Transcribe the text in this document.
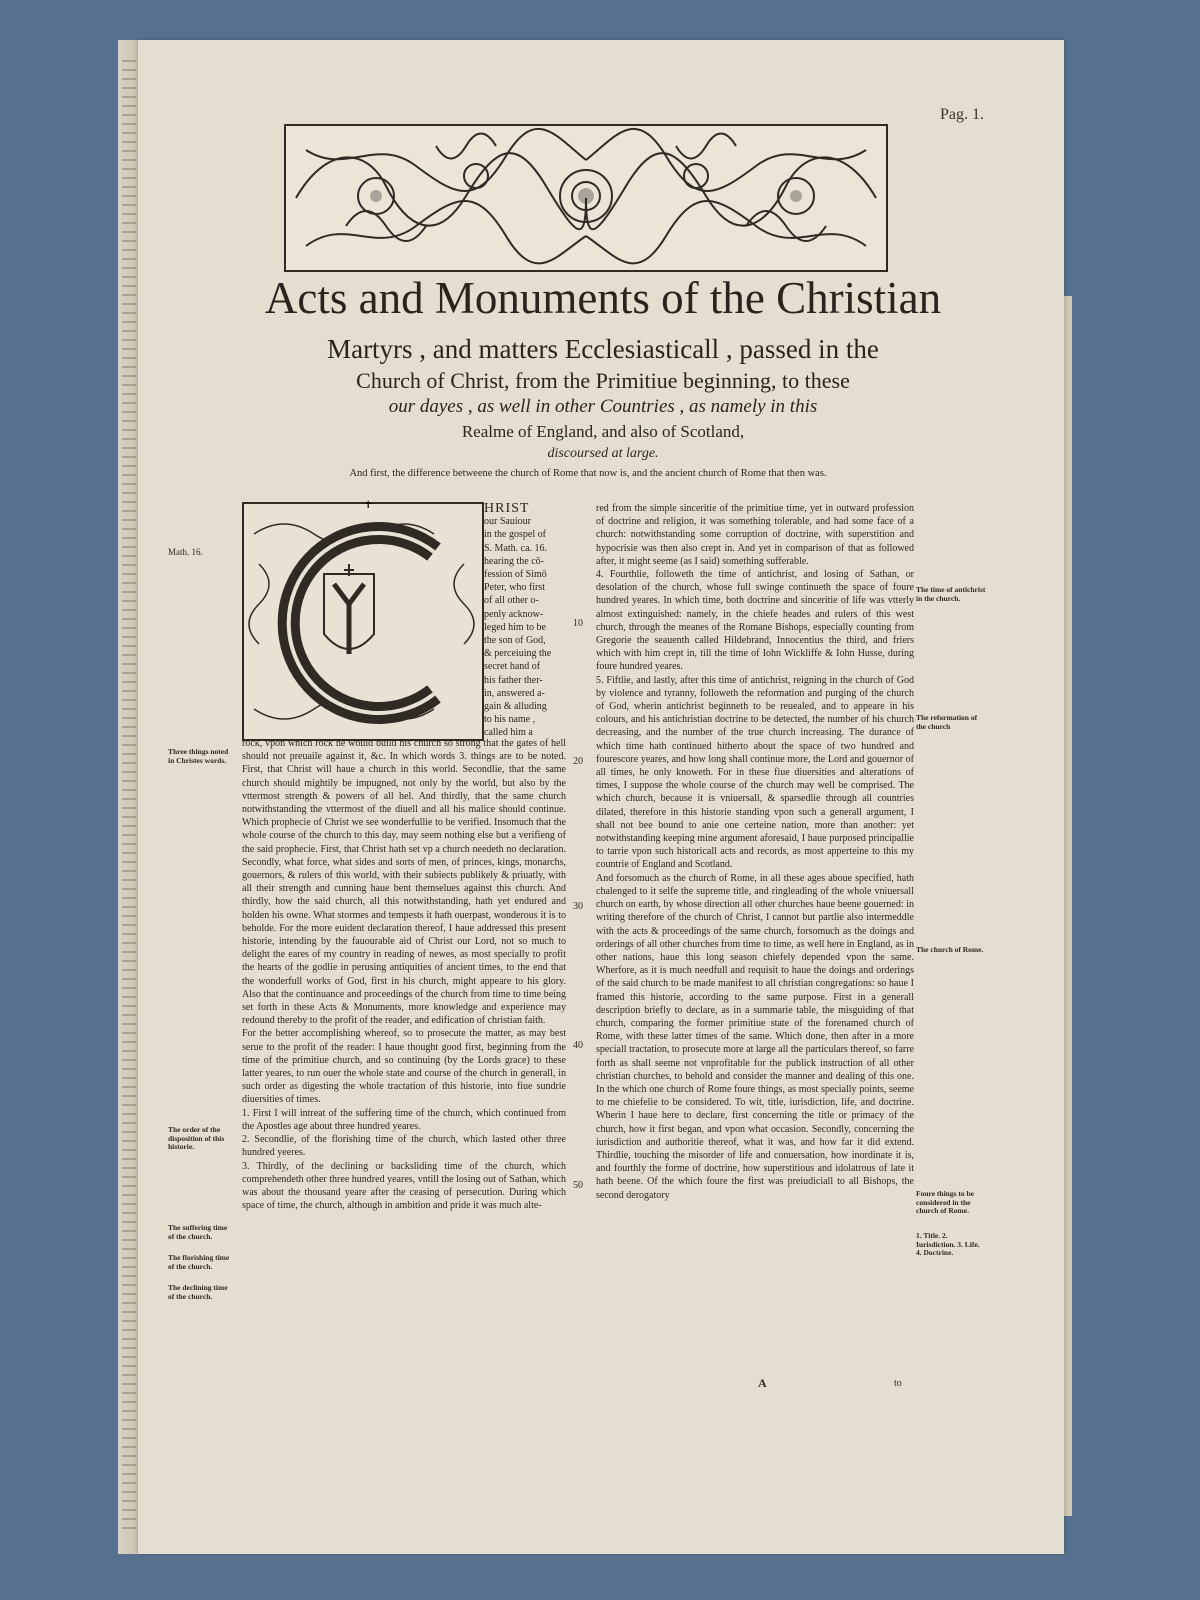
Pag. 1.
Acts and Monuments of the Christian
Martyrs , and matters Ecclesiasticall , passed in the
Church of Christ, from the Primitiue beginning, to these
our dayes , as well in other Countries , as namely in this
Realme of England, and also of Scotland,
discoursed at large.
And first, the difference betweene the church of Rome that now is, and the ancient church of Rome that then was.
✝	HRIST
our Sauiour
in the gospel of
S. Math. ca. 16.
hearing the cō-
fession of Simō
Peter, who first
of all other o-
penly acknow-
leged him to be
the son of God,
& perceiuing the
secret hand of
his father ther-
in, answered a-
gain & alluding
to his name ,
called him a

rock, vpon which rock he would build his church so strong that the gates of hell should not preuaile against it, &c. In which words 3. things are to be noted. First, that Christ will haue a church in this world. Secondlie, that the same church should mightily be impugned, not only by the world, but also by the vttermost strength & powers of all hel. And thirdly, that the same church notwithstanding the vttermost of the diuell and all his malice should continue. Which prophecie of Christ we see wonderfullie to be verified. Insomuch that the whole course of the church to this day, may seem nothing else but a verifieng of the said prophecie. First, that Christ hath set vp a church needeth no declaration. Secondly, what force, what sides and sorts of men, of princes, kings, monarchs, gouernors, & rulers of this world, with their subiects publikely & priuatly, with all their strength and cunning haue bent themselues against this church. And thirdly, how the said church, all this notwithstanding, hath yet endured and holden his owne. What stormes and tempests it hath ouerpast, wonderous it is to beholde. For the more euident declaration thereof, I haue addressed this present historie, intending by the fauourable aid of Christ our Lord, not so much to delight the eares of my country in reading of newes, as most specially to profit the hearts of the godlie in perusing antiquities of ancient times, to the end that the wonderfull works of God, first in his church, might appeare to his glory. Also that the continuance and proceedings of the church from time to time being set forth in these Acts & Monuments, more knowledge and experience may redound thereby to the profit of the reader, and edification of christian faith.

For the better accomplishing whereof, so to prosecute the matter, as may best serue to the profit of the reader: I haue thought good first, beginning from the time of the primitiue church, and so continuing (by the Lords grace) to these latter yeares, to run ouer the whole state and course of the church in generall, in such order as digesting the whole tractation of this historie, into fiue sundrie diuersities of times.

1. First I will intreat of the suffering time of the church, which continued from the Apostles age about three hundred yeares.

2. Secondlie, of the florishing time of the church, which lasted other three hundred yeeres.

3. Thirdly, of the declining or backsliding time of the church, which comprehendeth other three hundred yeares, vntill the losing out of Sathan, which was about the thousand yeare after the ceasing of persecution. During which space of time, the church, although in ambition and pride it was much alte-

red from the simple sinceritie of the primitiue time, yet in outward profession of doctrine and religion, it was something tolerable, and had some face of a church: notwithstanding some corruption of doctrine, with superstition and hypocrisie was then also crept in. And yet in comparison of that as followed after, it might seeme (as I said) something sufferable.

4. Fourthlie, followeth the time of antichrist, and losing of Sathan, or desolation of the church, whose full swinge continueth the space of foure hundred yeares. In which time, both doctrine and sinceritie of life was vtterly almost extinguished: namely, in the chiefe heades and rulers of this west church, through the meanes of the Romane Bishops, especially counting from Gregorie the seauenth called Hildebrand, Innocentius the third, and friers which with him crept in, till the time of Iohn Wickliffe & Iohn Husse, during foure hundred yeares.

5. Fiftlie, and lastly, after this time of antichrist, reigning in the church of God by violence and tyranny, followeth the reformation and purging of the church of God, wherin antichrist beginneth to be reuealed, and to appeare in his colours, and his antichristian doctrine to be detected, the number of his church decreasing, and the number of the true church increasing. The durance of which time hath continued hitherto about the space of two hundred and fourescore yeares, and how long shall continue more, the Lord and gouernor of all times, he only knoweth. For in these fiue diuersities and alterations of times, I suppose the whole course of the church may well be comprised. The which church, because it is vniuersall, & sparsedlie through all countries dilated, therefore in this historie standing vpon such a generall argument, I shall not bee bound to anie one certeine nation, more than another: yet notwithstanding keeping mine argument aforesaid, I haue purposed principallie to tarrie vpon such historicall acts and records, as most apperteine to this my countrie of England and Scotland.

And forsomuch as the church of Rome, in all these ages aboue specified, hath chalenged to it selfe the supreme title, and ringleading of the whole vniuersall church on earth, by whose direction all other churches haue beene gouerned: in writing therefore of the church of Christ, I cannot but partlie also intermeddle with the acts & proceedings of the same church, forsomuch as the doings and orderings of all other churches from time to time, as well here in England, as in other nations, haue this long season chiefely depended vpon the same. Wherfore, as it is much needfull and requisit to haue the doings and orderings of the said church to be made manifest to all christian congregations: so haue I framed this historie, according to the same purpose. First in a generall description briefly to declare, as in a summarie table, the misguiding of that church, comparing the former primitiue state of the forenamed church of Rome, with these latter times of the same. Which done, then after in a more speciall tractation, to prosecute more at large all the particulars thereof, so farre forth as shall seeme not vnprofitable for the publick instruction of all other christian churches, to behold and consider the manner and dealing of this one. In the which one church of Rome foure things, as most specially points, seeme to me chiefelie to be considered. To wit, title, iurisdiction, life, and doctrine. Wherin I haue here to declare, first concerning the title or primacy of the church, how it first began, and vpon what occasion. Secondly, concerning the iurisdiction and authoritie thereof, what it was, and how far it did extend. Thirdlie, touching the misorder of life and conuersation, how inordinate it is, and fourthly the forme of doctrine, how superstitious and idolatrous of late it hath beene. Of the which foure the first was preiudiciall to all Bishops, the second derogatory

10
20
30
40
50
Math. 16.
Three things noted in Christes words.
The order of the disposition of this historie.
The suffering time of the church.
The florishing time of the church.
The declining time of the church.
The time of antichrist in the church.
The reformation of the church
The church of Rome.
Foure things to be considered in the church of Rome.
1. Title. 2. Iurisdiction. 3. Life. 4. Doctrine.
A	to
